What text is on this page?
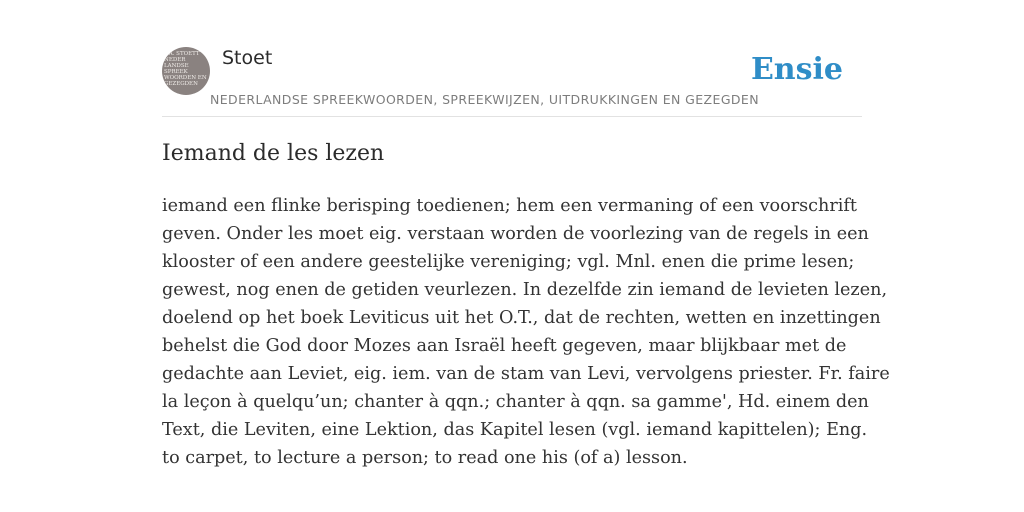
F.A. STOETT
NEDER
LANDSE
SPREEK
WOORDEN EN
GEZEGDEN
Stoet
NEDERLANDSE SPREEKWOORDEN, SPREEKWIJZEN, UITDRUKKINGEN EN GEZEGDEN
Ensie
Iemand de les lezen

iemand een flinke berisping toedienen; hem een vermaning of een voorschrift
geven. Onder les moet eig. verstaan worden de voorlezing van de regels in een
klooster of een andere geestelijke vereniging; vgl. Mnl. enen die prime lesen;
gewest, nog enen de getiden veurlezen. In dezelfde zin iemand de levieten lezen,
doelend op het boek Leviticus uit het O.T., dat de rechten, wetten en inzettingen
behelst die God door Mozes aan Israël heeft gegeven, maar blijkbaar met de
gedachte aan Leviet, eig. iem. van de stam van Levi, vervolgens priester. Fr. faire
la leçon à quelqu’un; chanter à qqn.; chanter à qqn. sa gamme', Hd. einem den
Text, die Leviten, eine Lektion, das Kapitel lesen (vgl. iemand kapittelen); Eng.
to carpet, to lecture a person; to read one his (of a) lesson.
